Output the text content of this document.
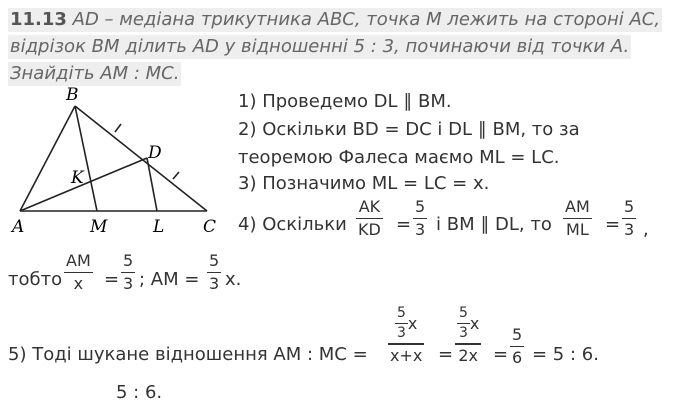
11.13 AD – медіана трикутника ABC, точка M лежить на стороні AC,
відрізок BM ділить AD у відношенні 5 : 3, починаючи від точки A.
Знайдіть AM : MC.
B
D
K
A	M	L C
1) Проведемо DL ∥ BM.
2) Оскільки BD = DC і DL ∥ BM, то за
теоремою Фалеса маємо ML = LC.
3) Позначимо ML = LC = x.
4) Оскільки
AK
KD =
5
3 і BM ∥ DL, то
AM
ML =
5
3 ,
тобто
AM
x =
5
3 ; AM =
5
3 x.
5) Тоді шукане відношення AM : MC =
$\frac{5}{3}$ x
x+x =
$\frac{5}{3}$ x
2x =
5
6 = 5 : 6.
5 : 6.
